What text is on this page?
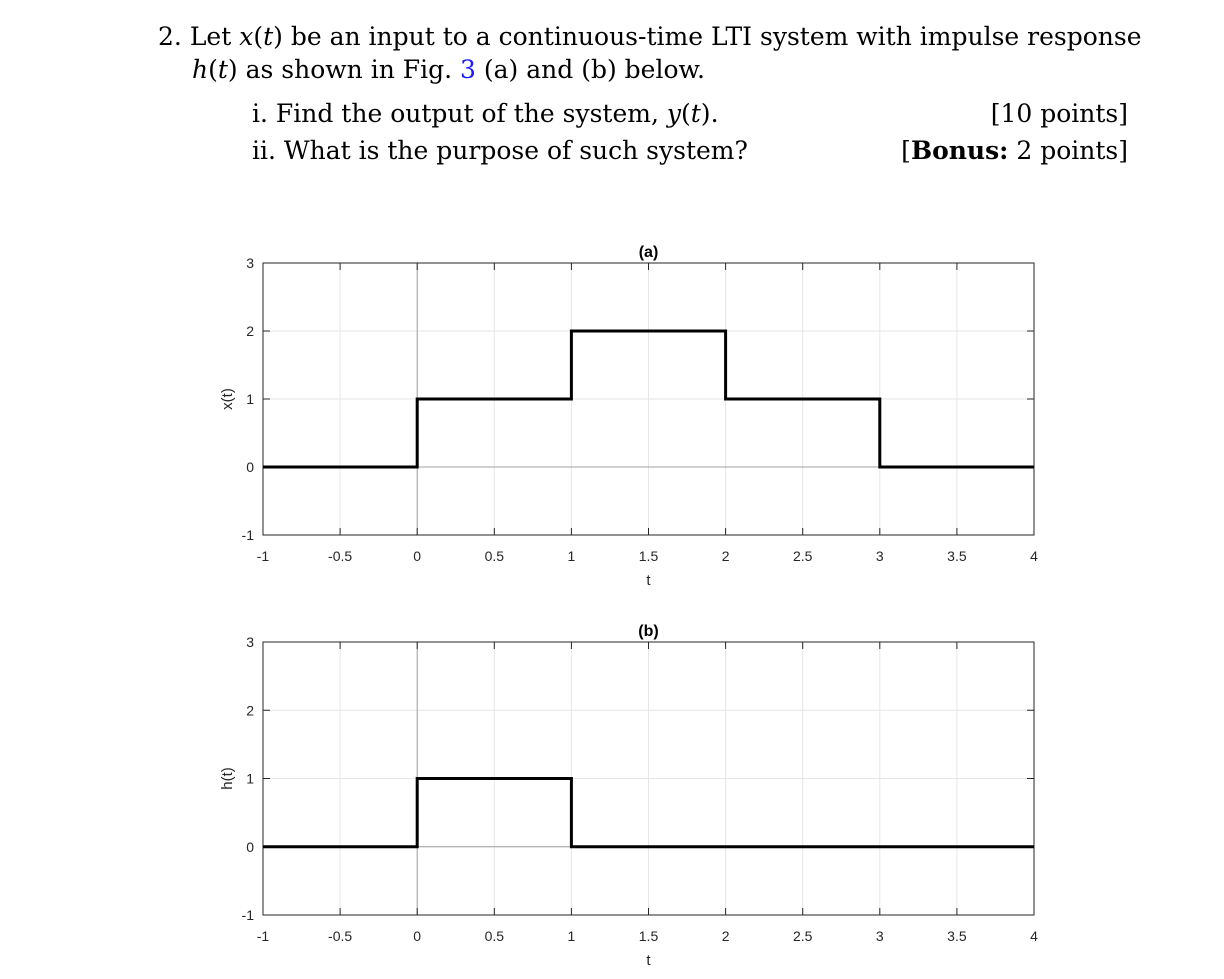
2. Let x(t) be an input to a continuous-time LTI system with impulse response
h(t) as shown in Fig. 3 (a) and (b) below.
i. Find the output of the system, y(t).	[10 points]
ii. What is the purpose of such system?	[Bonus: 2 points]
-1	-0.5	0	0.5	1	1.5	2	2.5	3	3.5	4
-1
0
1
2
3
t
x(t)
(a)
-1	-0.5	0	0.5	1	1.5	2	2.5	3	3.5	4
-1
0
1
2
3
t
h(t)
(b)
